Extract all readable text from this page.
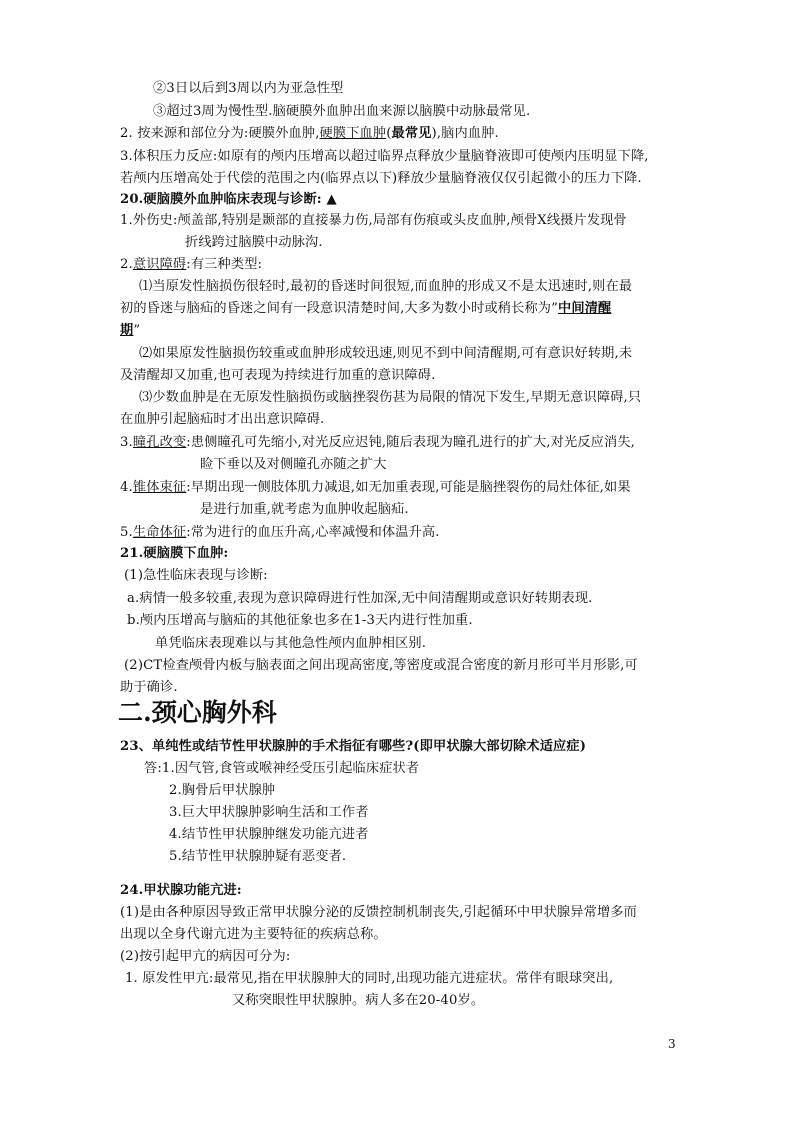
②3日以后到3周以内为亚急性型
③超过3周为慢性型.脑硬膜外血肿出血来源以脑膜中动脉最常见.
2. 按来源和部位分为:硬膜外血肿,硬膜下血肿(最常见),脑内血肿.
3.体积压力反应:如原有的颅内压增高以超过临界点释放少量脑脊液即可使颅内压明显下降,
若颅内压增高处于代偿的范围之内(临界点以下)释放少量脑脊液仅仅引起微小的压力下降.
20.硬脑膜外血肿临床表现与诊断: ▲
1.外伤史:颅盖部,特别是颞部的直接暴力伤,局部有伤痕或头皮血肿,颅骨X线摄片发现骨
折线跨过脑膜中动脉沟.
2.意识障碍:有三种类型:
⑴当原发性脑损伤很轻时,最初的昏迷时间很短,而血肿的形成又不是太迅速时,则在最
初的昏迷与脑疝的昏迷之间有一段意识清楚时间,大多为数小时或稍长称为”中间清醒
期”
⑵如果原发性脑损伤较重或血肿形成较迅速,则见不到中间清醒期,可有意识好转期,未
及清醒却又加重,也可表现为持续进行加重的意识障碍.
⑶少数血肿是在无原发性脑损伤或脑挫裂伤甚为局限的情况下发生,早期无意识障碍,只
在血肿引起脑疝时才出出意识障碍.
3.瞳孔改变:患侧瞳孔可先缩小,对光反应迟钝,随后表现为瞳孔进行的扩大,对光反应消失,
睑下垂以及对侧瞳孔亦随之扩大
4.锥体束征:早期出现一侧肢体肌力减退,如无加重表现,可能是脑挫裂伤的局灶体征,如果
是进行加重,就考虑为血肿收起脑疝.
5.生命体征:常为进行的血压升高,心率减慢和体温升高.
21.硬脑膜下血肿:
(1)急性临床表现与诊断:
a.病情一般多较重,表现为意识障碍进行性加深,无中间清醒期或意识好转期表现.
b.颅内压增高与脑疝的其他征象也多在1-3天内进行性加重.
单凭临床表现难以与其他急性颅内血肿相区别.
(2)CT检查颅骨内板与脑表面之间出现高密度,等密度或混合密度的新月形可半月形影,可
助于确诊.
二.颈心胸外科
23、单纯性或结节性甲状腺肿的手术指征有哪些?(即甲状腺大部切除术适应症)
答:1.因气管,食管或喉神经受压引起临床症状者
2.胸骨后甲状腺肿
3.巨大甲状腺肿影响生活和工作者
4.结节性甲状腺肿继发功能亢进者
5.结节性甲状腺肿疑有恶变者.
24.甲状腺功能亢进:
(1)是由各种原因导致正常甲状腺分泌的反馈控制机制丧失,引起循环中甲状腺异常增多而
出现以全身代谢亢进为主要特征的疾病总称。
(2)按引起甲亢的病因可分为:
1. 原发性甲亢:最常见,指在甲状腺肿大的同时,出现功能亢进症状。常伴有眼球突出,
又称突眼性甲状腺肿。病人多在20-40岁。
3
